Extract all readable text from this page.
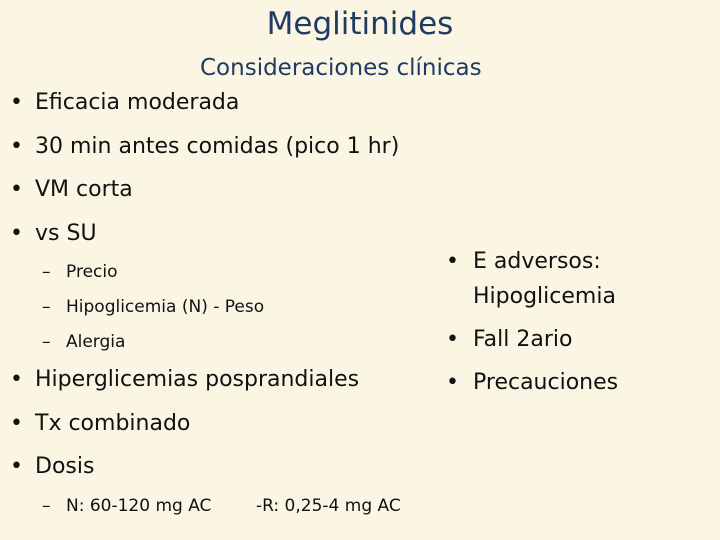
Meglitinides
Consideraciones clínicas
• Eficacia moderada
• 30 min antes comidas (pico 1 hr)
• VM corta
• vs SU
– Precio
– Hipoglicemia (N) - Peso
– Alergia
• Hiperglicemias posprandiales
• Tx combinado
• Dosis
– N: 60-120 mg AC	-R: 0,25-4 mg AC
• E adversos:
Hipoglicemia
• Fall 2ario
• Precauciones
